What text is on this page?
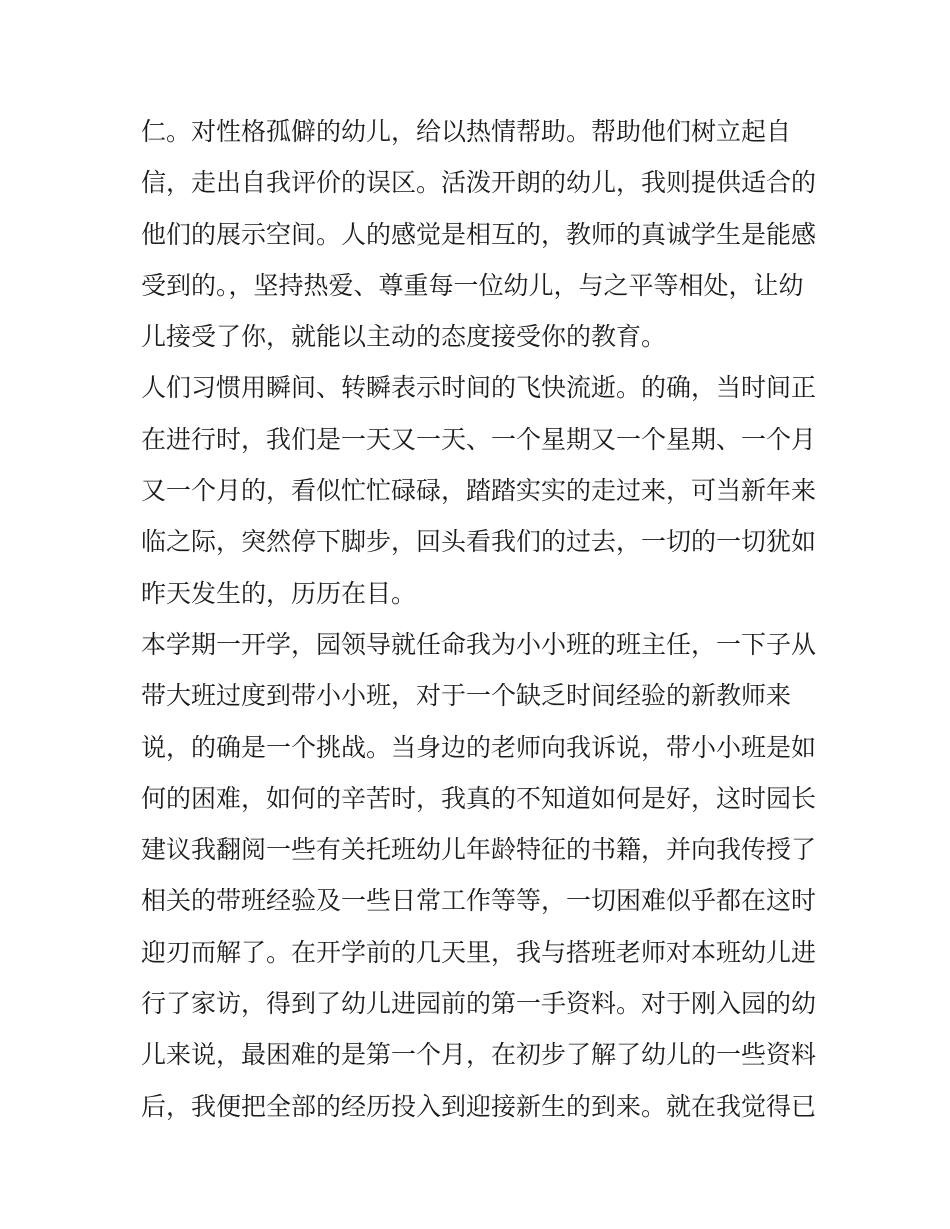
仁。对性格孤僻的幼儿，给以热情帮助。帮助他们树立起自
信，走出自我评价的误区。活泼开朗的幼儿，我则提供适合的
他们的展示空间。人的感觉是相互的，教师的真诚学生是能感
受到的。，坚持热爱、尊重每一位幼儿，与之平等相处，让幼
儿接受了你，就能以主动的态度接受你的教育。
人们习惯用瞬间、转瞬表示时间的飞快流逝。的确，当时间正
在进行时，我们是一天又一天、一个星期又一个星期、一个月
又一个月的，看似忙忙碌碌，踏踏实实的走过来，可当新年来
临之际，突然停下脚步，回头看我们的过去，一切的一切犹如
昨天发生的，历历在目。
本学期一开学，园领导就任命我为小小班的班主任，一下子从
带大班过度到带小小班，对于一个缺乏时间经验的新教师来
说，的确是一个挑战。当身边的老师向我诉说，带小小班是如
何的困难，如何的辛苦时，我真的不知道如何是好，这时园长
建议我翻阅一些有关托班幼儿年龄特征的书籍，并向我传授了
相关的带班经验及一些日常工作等等，一切困难似乎都在这时
迎刃而解了。在开学前的几天里，我与搭班老师对本班幼儿进
行了家访，得到了幼儿进园前的第一手资料。对于刚入园的幼
儿来说，最困难的是第一个月，在初步了解了幼儿的一些资料
后，我便把全部的经历投入到迎接新生的到来。就在我觉得已
